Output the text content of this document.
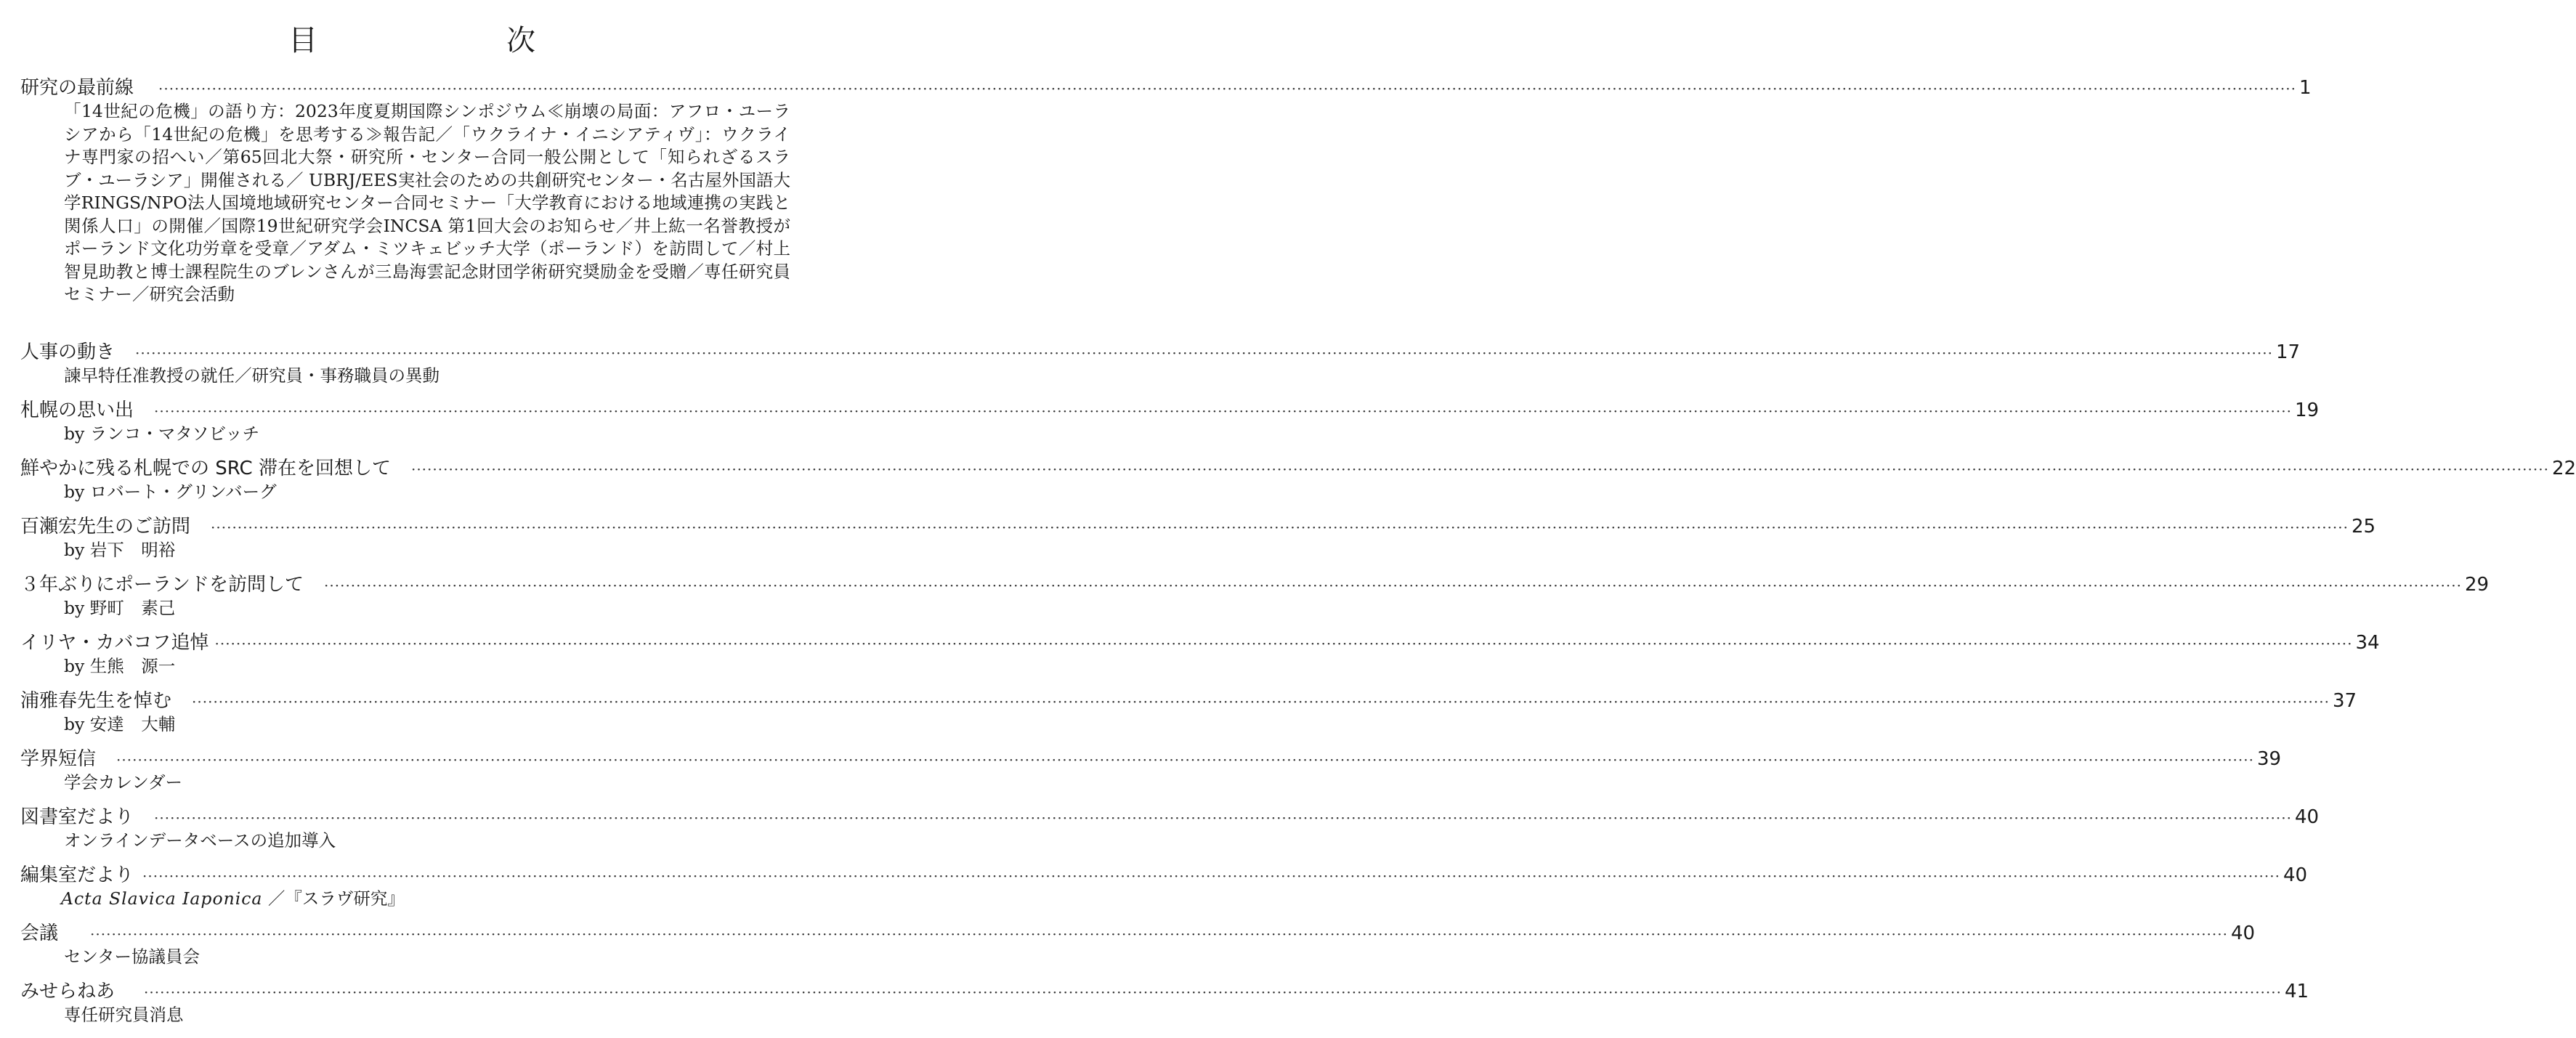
目　次
研究の最前線 ················································································································································································································································································································································································································ 1
「14世紀の危機」の語り方：2023年度夏期国際シンポジウム≪崩壊の局面：アフロ・ユーラシアから「14世紀の危機」を思考する≫報告記／「ウクライナ・イニシアティヴ」：ウクライナ専門家の招へい／第65回北大祭・研究所・センター合同一般公開として「知られざるスラブ・ユーラシア」開催される／ UBRJ/EES実社会のための共創研究センター・名古屋外国語大学RINGS/NPO法人国境地域研究センター合同セミナー「大学教育における地域連携の実践と関係人口」の開催／国際19世紀研究学会INCSA 第1回大会のお知らせ／井上紘一名誉教授がポーランド文化功労章を受章／アダム・ミツキェビッチ大学（ポーランド）を訪問して／村上智見助教と博士課程院生のブレンさんが三島海雲記念財団学術研究奨励金を受贈／専任研究員セミナー／研究会活動
人事の動き ················································································································································································································································································································································································································ 17
諫早特任准教授の就任／研究員・事務職員の異動
札幌の思い出 ················································································································································································································································································································································································································ 19
by ランコ・マタソビッチ
鮮やかに残る札幌での SRC 滞在を回想して ················································································································································································································································································································································································································ 22
by ロバート・グリンバーグ
百瀬宏先生のご訪問 ················································································································································································································································································································································································································ 25
by 岩下　明裕
３年ぶりにポーランドを訪問して ················································································································································································································································································································································································································ 29
by 野町　素己
イリヤ・カバコフ追悼 ················································································································································································································································································································································································································ 34
by 生熊　源一
浦雅春先生を悼む ················································································································································································································································································································································································································ 37
by 安達　大輔
学界短信 ················································································································································································································································································································································································································ 39
学会カレンダー
図書室だより ················································································································································································································································································································································································································ 40
オンラインデータベースの追加導入
編集室だより ················································································································································································································································································································································································································ 40
Acta Slavica Iaponica ／『スラヴ研究』
会議 ················································································································································································································································································································································································································ 40
センター協議員会
みせらねあ ················································································································································································································································································································································································································ 41
専任研究員消息
